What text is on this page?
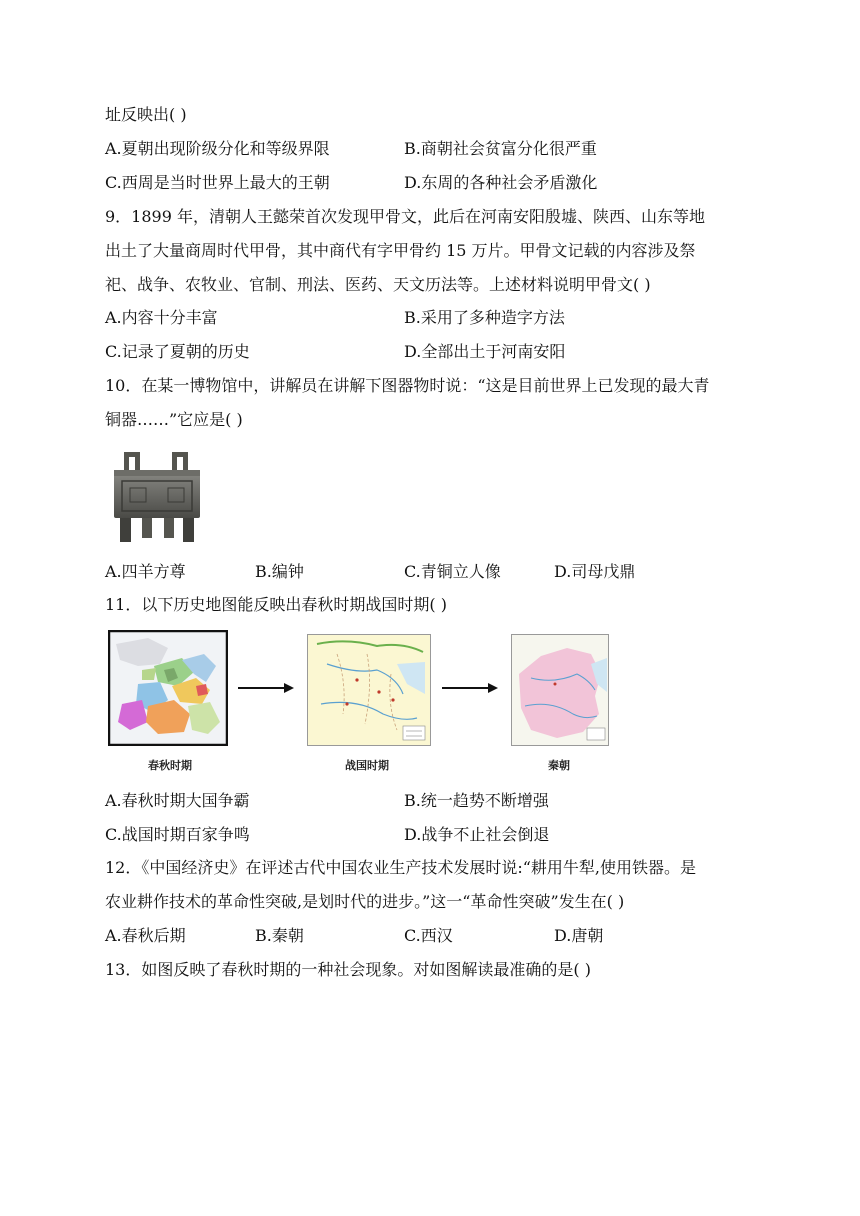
址反映出( )
A.夏朝出现阶级分化和等级界限	B.商朝社会贫富分化很严重
C.西周是当时世界上最大的王朝	D.东周的各种社会矛盾激化
9．1899 年，清朝人王懿荣首次发现甲骨文，此后在河南安阳殷墟、陕西、山东等地
出土了大量商周时代甲骨，其中商代有字甲骨约 15 万片。甲骨文记载的内容涉及祭
祀、战争、农牧业、官制、刑法、医药、天文历法等。上述材料说明甲骨文( )
A.内容十分丰富	B.采用了多种造字方法
C.记录了夏朝的历史	D.全部出土于河南安阳
10．在某一博物馆中，讲解员在讲解下图器物时说：“这是目前世界上已发现的最大青
铜器……”它应是( )
A.四羊方尊	B.编钟	C.青铜立人像	D.司母戊鼎
11．以下历史地图能反映出春秋时期战国时期( )
春秋时期	战国时期	秦朝
A.春秋时期大国争霸	B.统一趋势不断增强
C.战国时期百家争鸣	D.战争不止社会倒退
12．《中国经济史》在评述古代中国农业生产技术发展时说:“耕用牛犁,使用铁器。是
农业耕作技术的革命性突破,是划时代的进步。”这一“革命性突破”发生在( )
A.春秋后期	B.秦朝	C.西汉	D.唐朝
13．如图反映了春秋时期的一种社会现象。对如图解读最准确的是( )
